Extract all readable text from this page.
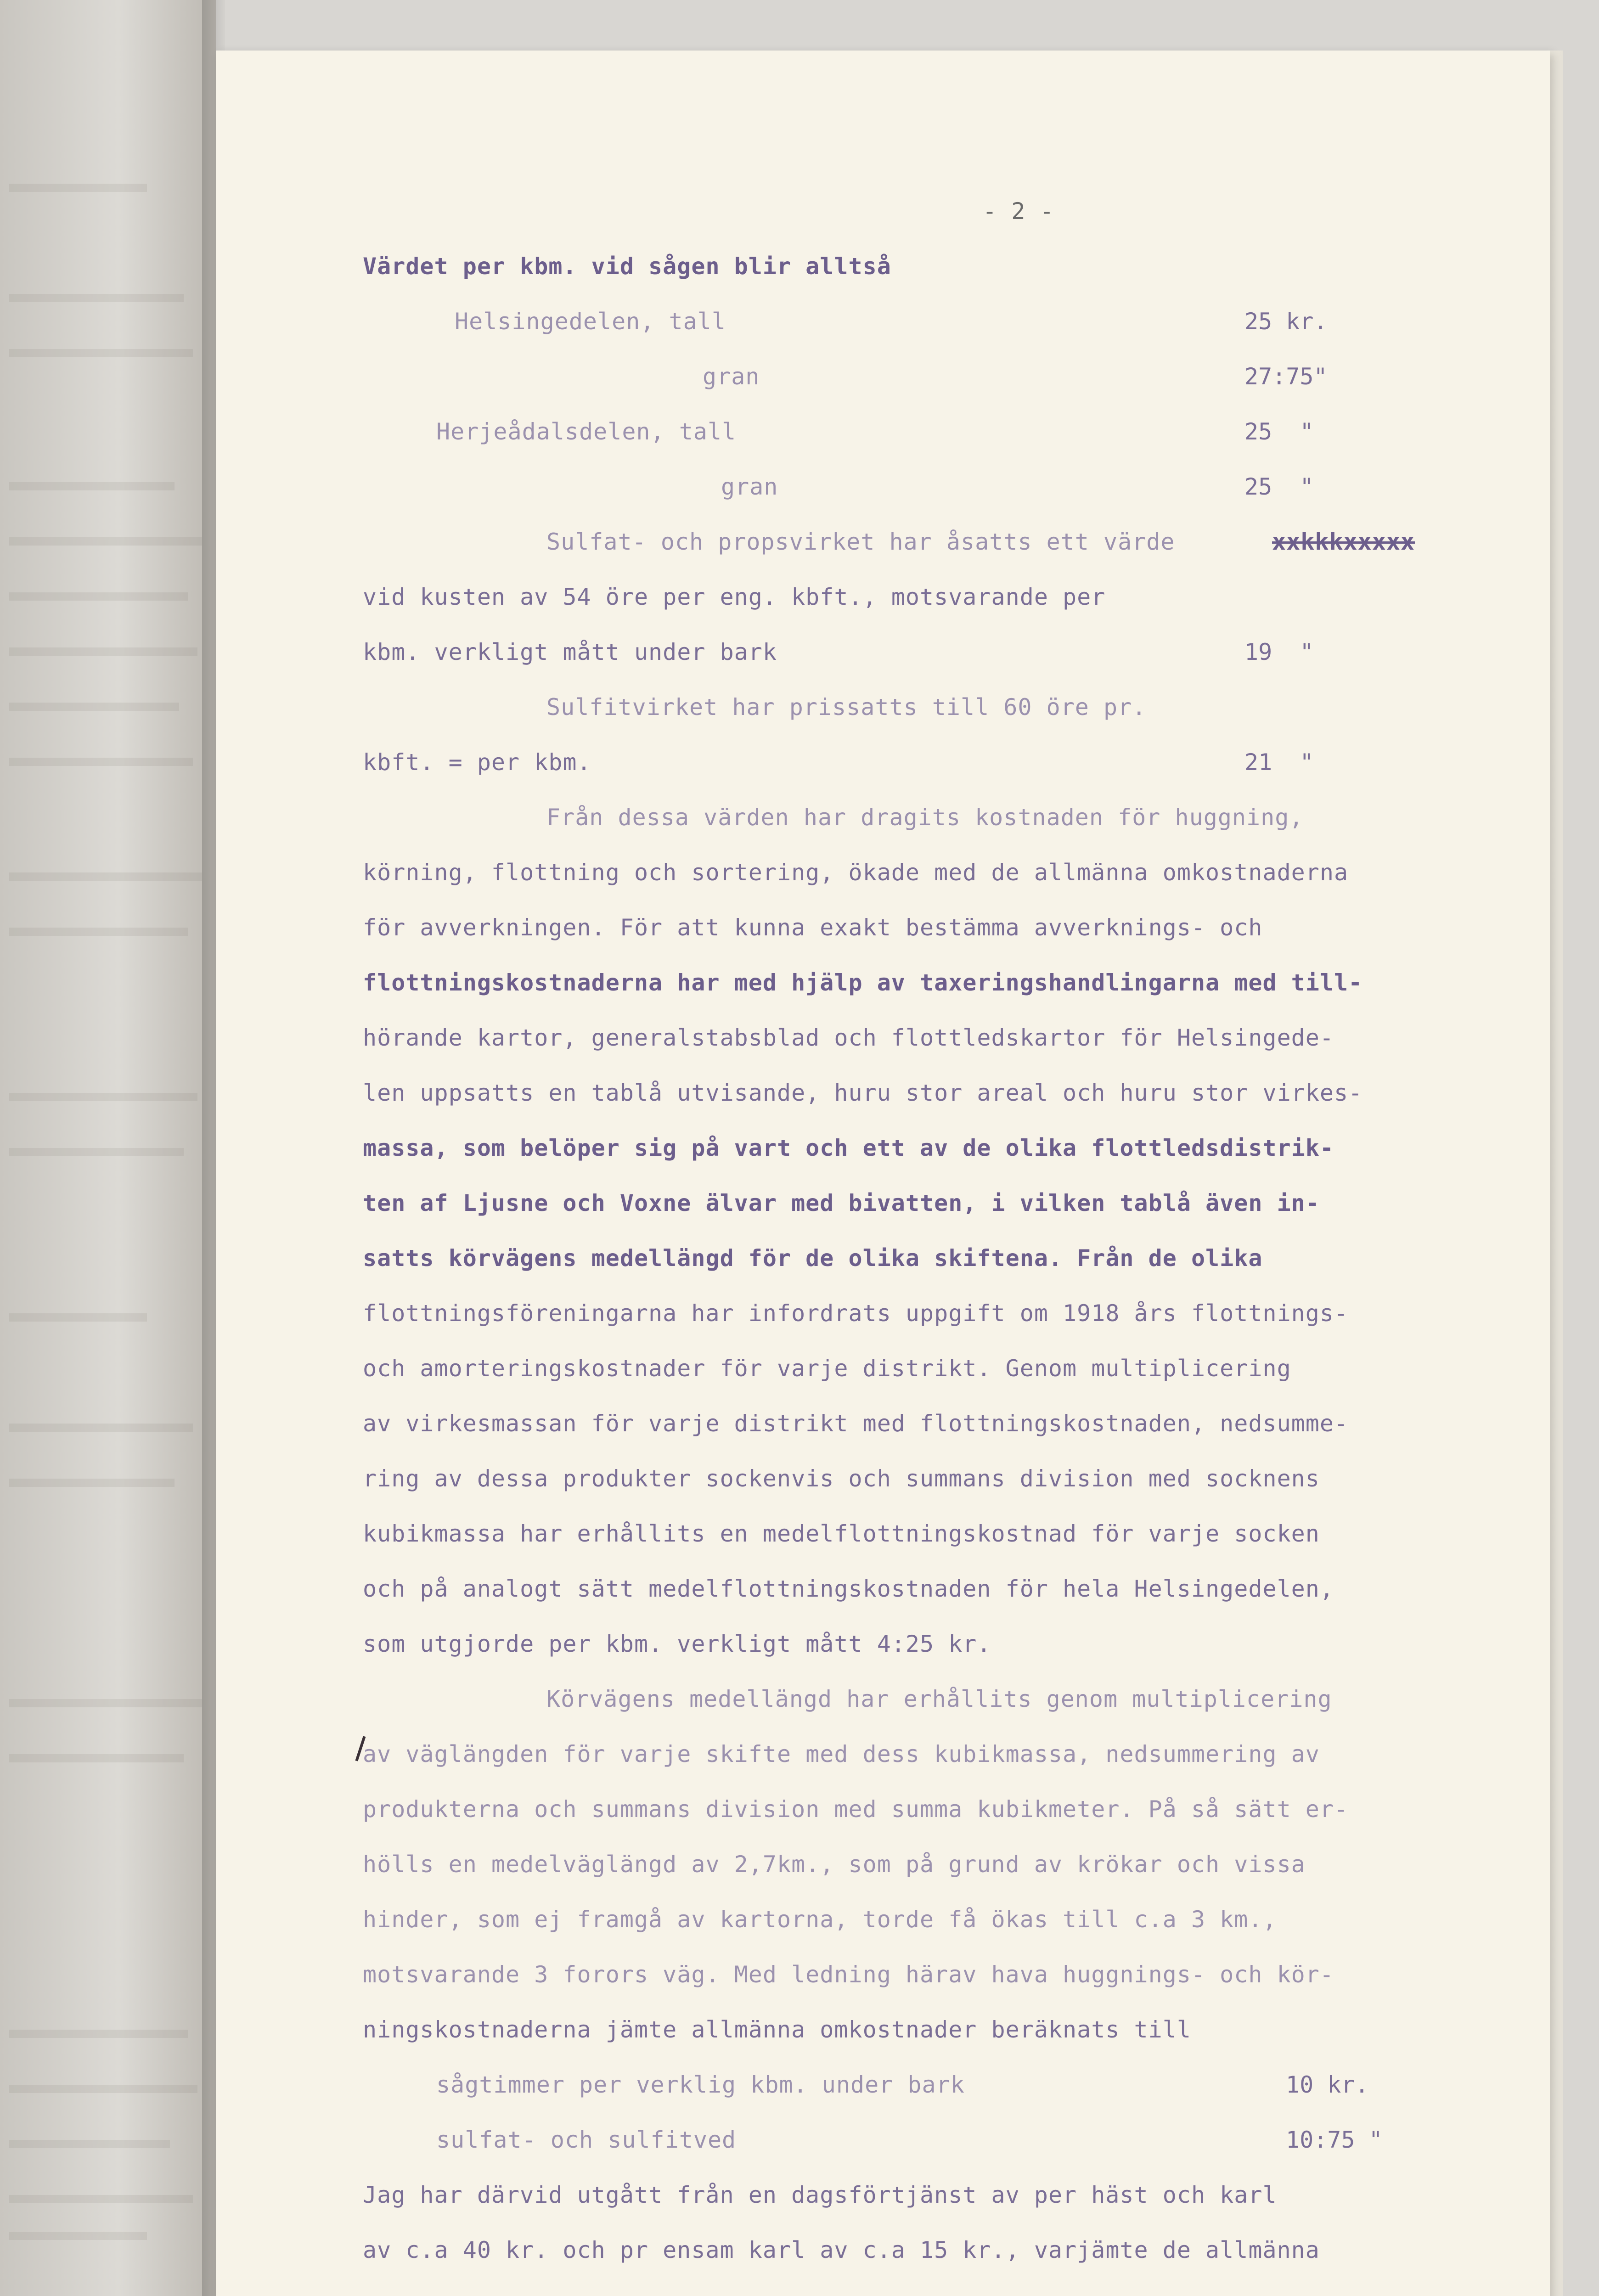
- 2 -
Värdet per kbm. vid sågen blir alltså
Helsingedelen, tall	25 kr.
gran	27:75"
Herjeådalsdelen, tall	25  "
gran	25  "
Sulfat- och propsvirket har åsatts ett värde	xxkkkxxxxx
vid kusten av 54 öre per eng. kbft., motsvarande per
kbm. verkligt mått under bark	19  "
Sulfitvirket har prissatts till 60 öre pr.
kbft. = per kbm.	21  "
Från dessa värden har dragits kostnaden för huggning,
körning, flottning och sortering, ökade med de allmänna omkostnaderna
för avverkningen. För att kunna exakt bestämma avverknings- och
flottningskostnaderna har med hjälp av taxeringshandlingarna med till-
hörande kartor, generalstabsblad och flottledskartor för Helsingede-
len uppsatts en tablå utvisande, huru stor areal och huru stor virkes-
massa, som belöper sig på vart och ett av de olika flottledsdistrik-
ten af Ljusne och Voxne älvar med bivatten, i vilken tablå även in-
satts körvägens medellängd för de olika skiftena. Från de olika
flottningsföreningarna har infordrats uppgift om 1918 års flottnings-
och amorteringskostnader för varje distrikt. Genom multiplicering
av virkesmassan för varje distrikt med flottningskostnaden, nedsumme-
ring av dessa produkter sockenvis och summans division med socknens
kubikmassa har erhållits en medelflottningskostnad för varje socken
och på analogt sätt medelflottningskostnaden för hela Helsingedelen,
som utgjorde per kbm. verkligt mått 4:25 kr.
Körvägens medellängd har erhållits genom multiplicering
av väglängden för varje skifte med dess kubikmassa, nedsummering av
produkterna och summans division med summa kubikmeter. På så sätt er-
hölls en medelväglängd av 2,7km., som på grund av krökar och vissa
hinder, som ej framgå av kartorna, torde få ökas till c.a 3 km.,
motsvarande 3 forors väg. Med ledning härav hava huggnings- och kör-
ningskostnaderna jämte allmänna omkostnader beräknats till
sågtimmer per verklig kbm. under bark	10 kr.
sulfat- och sulfitved	10:75 "
Jag har därvid utgått från en dagsförtjänst av per häst och karl
av c.a 40 kr. och pr ensam karl av c.a 15 kr., varjämte de allmänna
